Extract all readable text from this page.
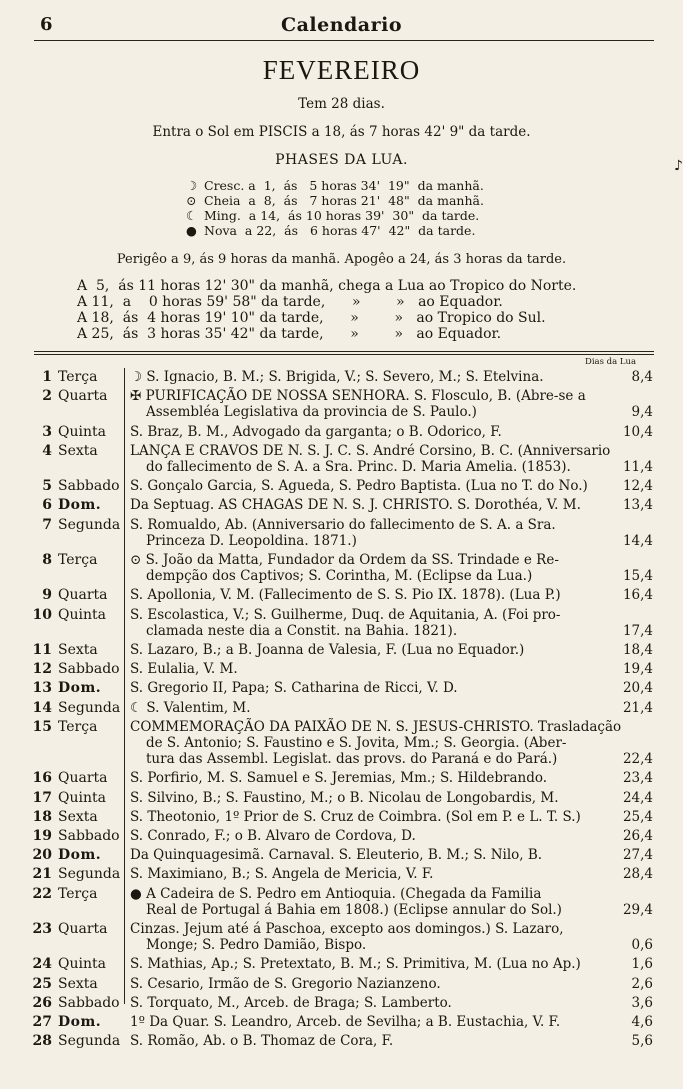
6	Calendario
FEVEREIRO
Tem 28 dias.
Entra o Sol em PISCIS a 18, ás 7 horas 42' 9" da tarde.
PHASES DA LUA.
☽ Cresc. a  1,  ás   5 horas 34'  19"  da manhã.
⊙ Cheia  a  8,  ás   7 horas 21'  48"  da manhã.
☾ Ming.  a 14,  ás 10 horas 39'  30"  da tarde.
● Nova  a 22,  ás   6 horas 47'  42"  da tarde.
Perigêo a 9, ás 9 horas da manhã. Apogêo a 24, ás 3 horas da tarde.
A  5,  ás 11 horas 12' 30" da manhã, chega a Lua ao Tropico do Norte.
A 11,  a    0 horas 59' 58" da tarde,      »        »   ao Equador.
A 18,  ás  4 horas 19' 10" da tarde,      »        »   ao Tropico do Sul.
A 25,  ás  3 horas 35' 42" da tarde,      »        »   ao Equador.
Dias da Lua
1 Terça ☽ S. Ignacio, B. M.; S. Brigida, V.; S. Severo, M.; S. Etelvina.	8,4
2 Quarta ✠ PURIFICAÇÃO DE NOSSA SENHORA. S. Flosculo, B. (Abre-se a
Assembléa Legislativa da provincia de S. Paulo.)	9,4
3 Quinta S. Braz, B. M., Advogado da garganta; o B. Odorico, F.	10,4
4 Sexta LANÇA E CRAVOS DE N. S. J. C. S. André Corsino, B. C. (Anniversario
do fallecimento de S. A. a Sra. Princ. D. Maria Amelia. (1853).	11,4
5 Sabbado S. Gonçalo Garcia, S. Agueda, S. Pedro Baptista. (Lua no T. do No.)	12,4
6 Dom. Da Septuag. AS CHAGAS DE N. S. J. CHRISTO. S. Dorothéa, V. M.	13,4
7 Segunda S. Romualdo, Ab. (Anniversario do fallecimento de S. A. a Sra.
Princeza D. Leopoldina. 1871.)	14,4
8 Terça ⊙ S. João da Matta, Fundador da Ordem da SS. Trindade e Re-
dempção dos Captivos; S. Corintha, M. (Eclipse da Lua.)	15,4
9 Quarta S. Apollonia, V. M. (Fallecimento de S. S. Pio IX. 1878). (Lua P.)	16,4
10 Quinta S. Escolastica, V.; S. Guilherme, Duq. de Aquitania, A. (Foi pro-
clamada neste dia a Constit. na Bahia. 1821).	17,4
11 Sexta S. Lazaro, B.; a B. Joanna de Valesia, F. (Lua no Equador.)	18,4
12 Sabbado S. Eulalia, V. M.	19,4
13 Dom. S. Gregorio II, Papa; S. Catharina de Ricci, V. D.	20,4
14 Segunda ☾ S. Valentim, M.	21,4
15 Terça COMMEMORAÇÃO DA PAIXÃO DE N. S. JESUS-CHRISTO. Trasladação
de S. Antonio; S. Faustino e S. Jovita, Mm.; S. Georgia. (Aber-
tura das Assembl. Legislat. das provs. do Paraná e do Pará.)	22,4
16 Quarta S. Porfirio, M. S. Samuel e S. Jeremias, Mm.; S. Hildebrando.	23,4
17 Quinta S. Silvino, B.; S. Faustino, M.; o B. Nicolau de Longobardis, M.	24,4
18 Sexta S. Theotonio, 1º Prior de S. Cruz de Coimbra. (Sol em P. e L. T. S.)	25,4
19 Sabbado S. Conrado, F.; o B. Alvaro de Cordova, D.	26,4
20 Dom. Da Quinquagesimã. Carnaval. S. Eleuterio, B. M.; S. Nilo, B.	27,4
21 Segunda S. Maximiano, B.; S. Angela de Mericia, V. F.	28,4
22 Terça ● A Cadeira de S. Pedro em Antioquia. (Chegada da Familia
Real de Portugal á Bahia em 1808.) (Eclipse annular do Sol.)	29,4
23 Quarta Cinzas. Jejum até á Paschoa, excepto aos domingos.) S. Lazaro,
Monge; S. Pedro Damião, Bispo.	0,6
24 Quinta S. Mathias, Ap.; S. Pretextato, B. M.; S. Primitiva, M. (Lua no Ap.)	1,6
25 Sexta S. Cesario, Irmão de S. Gregorio Nazianzeno.	2,6
26 Sabbado S. Torquato, M., Arceb. de Braga; S. Lamberto.	3,6
27 Dom. 1º Da Quar. S. Leandro, Arceb. de Sevilha; a B. Eustachia, V. F.	4,6
28 Segunda S. Romão, Ab. o B. Thomaz de Cora, F.	5,6
♪
